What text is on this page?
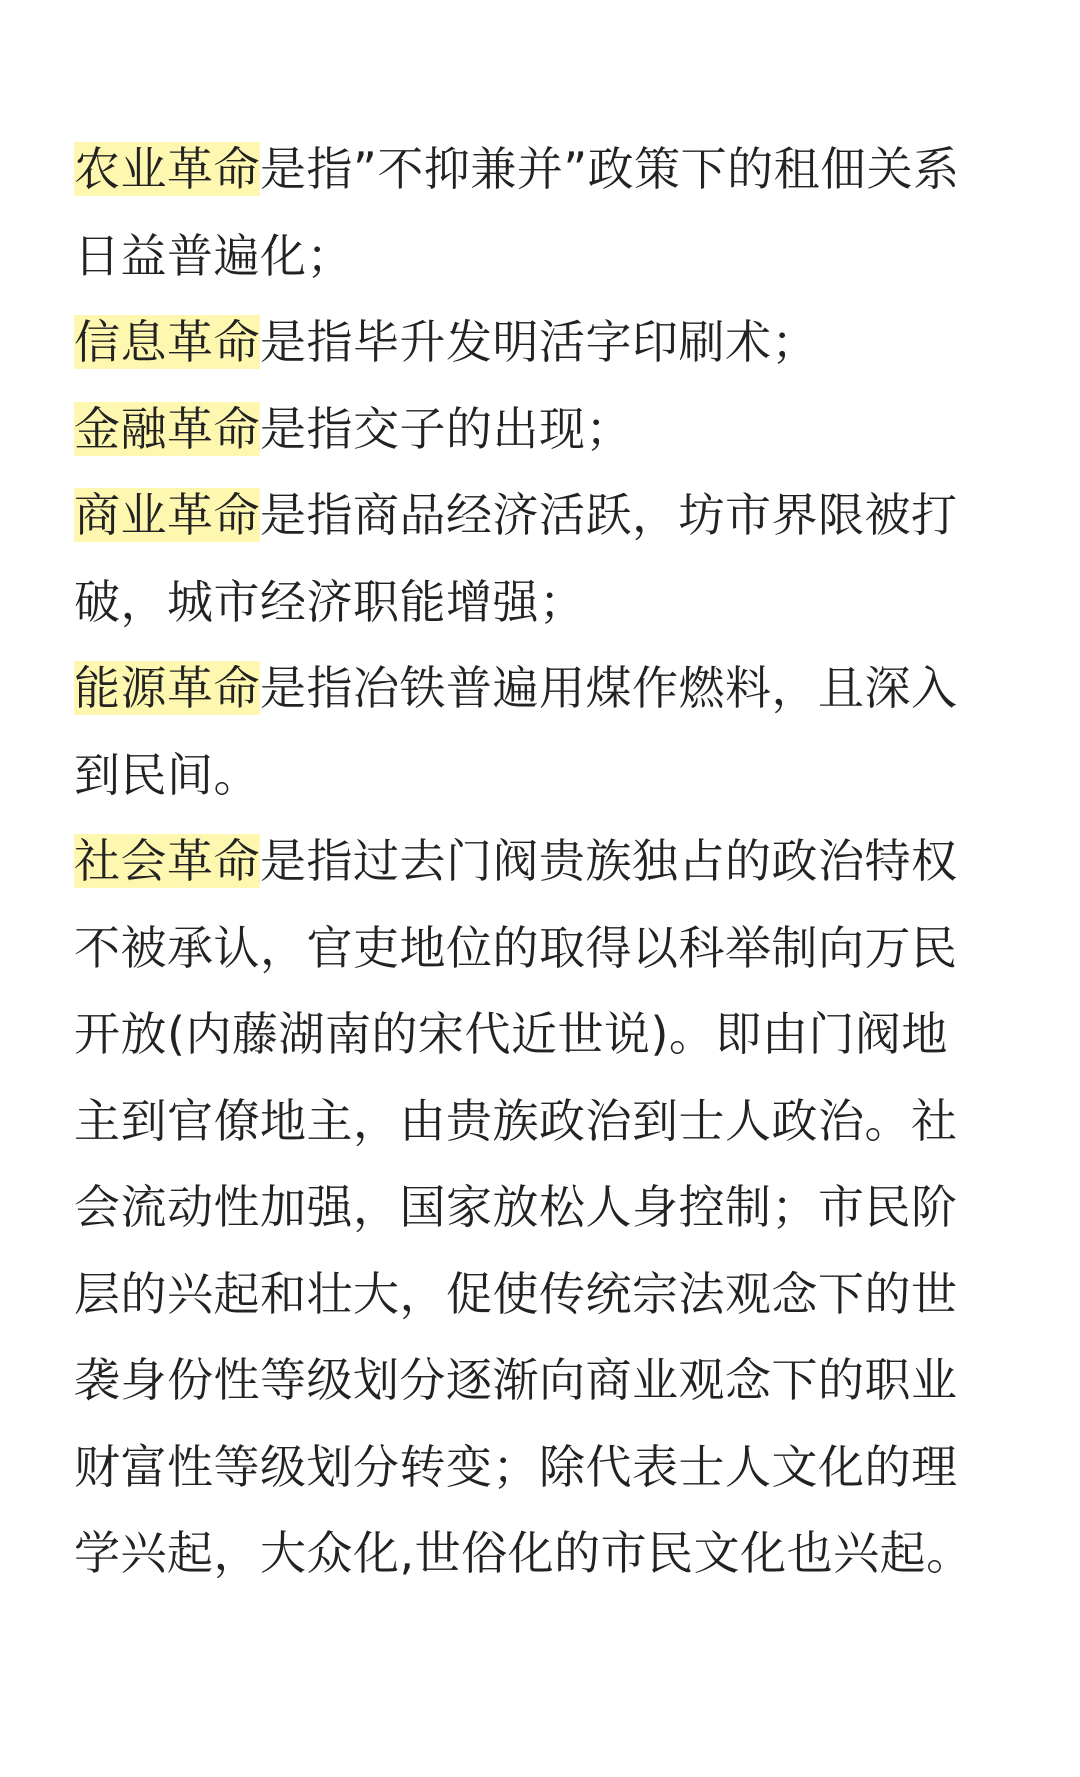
农业革命是指”不抑兼并”政策下的租佃关系日益普遍化；

信息革命是指毕升发明活字印刷术；

金融革命是指交子的出现；

商业革命是指商品经济活跃，坊市界限被打破，城市经济职能增强；

能源革命是指冶铁普遍用煤作燃料，且深入到民间。

社会革命是指过去门阀贵族独占的政治特权不被承认，官吏地位的取得以科举制向万民开放(内藤湖南的宋代近世说)。即由门阀地主到官僚地主，由贵族政治到士人政治。社会流动性加强，国家放松人身控制；市民阶层的兴起和壮大，促使传统宗法观念下的世袭身份性等级划分逐渐向商业观念下的职业财富性等级划分转变；除代表士人文化的理学兴起，大众化,世俗化的市民文化也兴起。
